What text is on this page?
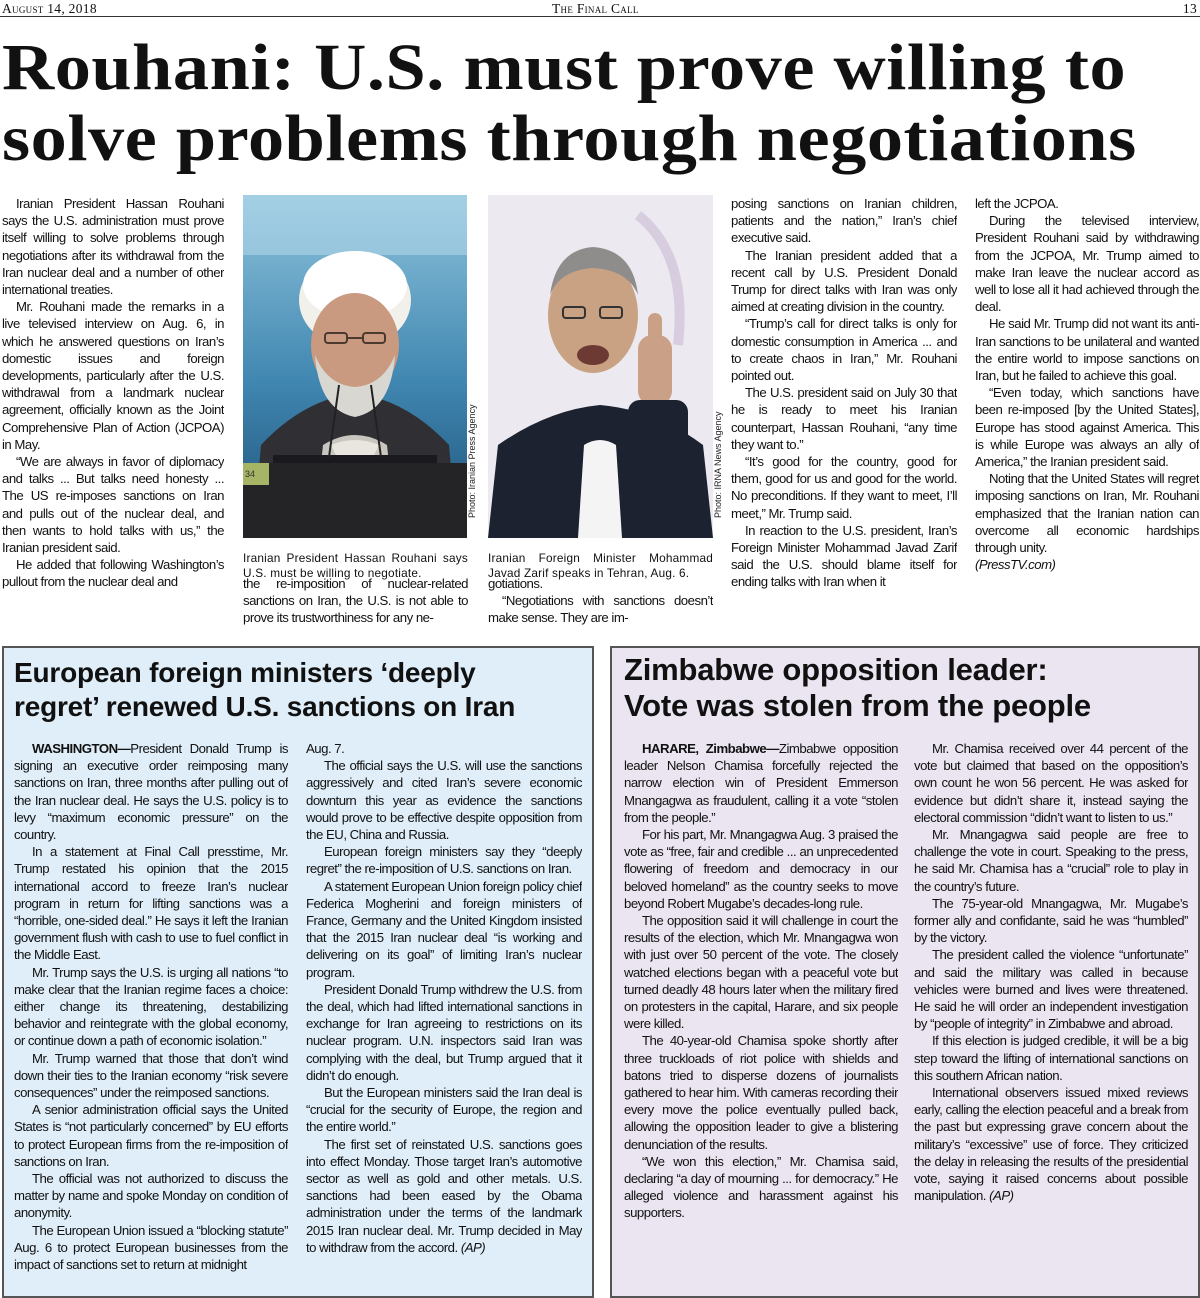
August 14, 2018	The Final Call	13
Rouhani: U.S. must prove willing to
solve problems through negotiations

Iranian President Hassan Rouhani says the U.S. administration must prove itself willing to solve problems through negotiations after its withdrawal from the Iran nuclear deal and a number of other international treaties.

Mr. Rouhani made the remarks in a live televised interview on Aug. 6, in which he answered questions on Iran’s domestic issues and foreign developments, particularly after the U.S. withdrawal from a landmark nuclear agreement, officially known as the Joint Comprehensive Plan of Action (JCPOA) in May.

“We are always in favor of diplomacy and talks ... But talks need honesty ... The US re-imposes sanctions on Iran and pulls out of the nuclear deal, and then wants to hold talks with us,” the Iranian president said.

He added that following Washington’s pullout from the nuclear deal and

34	Photo: Iranian Press Agency
Iranian President Hassan Rouhani says U.S. must be willing to negotiate.
Photo: IRNA News Agency
Iranian Foreign Minister Mohammad Javad Zarif speaks in Tehran, Aug. 6.

the re-imposition of nuclear-related sanctions on Iran, the U.S. is not able to prove its trustworthiness for any ne-

gotiations.

“Negotiations with sanctions doesn’t make sense. They are im-

posing sanctions on Iranian children, patients and the nation,” Iran’s chief executive said.

The Iranian president added that a recent call by U.S. President Donald Trump for direct talks with Iran was only aimed at creating division in the country.

“Trump’s call for direct talks is only for domestic consumption in America ... and to create chaos in Iran,” Mr. Rouhani pointed out.

The U.S. president said on July 30 that he is ready to meet his Iranian counterpart, Hassan Rouhani, “any time they want to.”

“It’s good for the country, good for them, good for us and good for the world. No preconditions. If they want to meet, I’ll meet,” Mr. Trump said.

In reaction to the U.S. president, Iran’s Foreign Minister Mohammad Javad Zarif said the U.S. should blame itself for ending talks with Iran when it

left the JCPOA.

During the televised interview, President Rouhani said by withdrawing from the JCPOA, Mr. Trump aimed to make Iran leave the nuclear accord as well to lose all it had achieved through the deal.

He said Mr. Trump did not want its anti-Iran sanctions to be unilateral and wanted the entire world to impose sanctions on Iran, but he failed to achieve this goal.

“Even today, which sanctions have been re-imposed [by the United States], Europe has stood against America. This is while Europe was always an ally of America,” the Iranian president said.

Noting that the United States will regret imposing sanctions on Iran, Mr. Rouhani emphasized that the Iranian nation can overcome all economic hardships through unity.

(PressTV.com)

European foreign ministers ‘deeply
regret’ renewed U.S. sanctions on Iran

WASHINGTON—President Donald Trump is signing an executive order reimposing many sanctions on Iran, three months after pulling out of the Iran nuclear deal. He says the U.S. policy is to levy “maximum economic pressure” on the country.

In a statement at Final Call presstime, Mr. Trump restated his opinion that the 2015 international accord to freeze Iran’s nuclear program in return for lifting sanctions was a “horrible, one-sided deal.” He says it left the Iranian government flush with cash to use to fuel conflict in the Middle East.

Mr. Trump says the U.S. is urging all nations “to make clear that the Iranian regime faces a choice: either change its threatening, destabilizing behavior and reintegrate with the global economy, or continue down a path of economic isolation.”

Mr. Trump warned that those that don’t wind down their ties to the Iranian economy “risk severe consequences” under the reimposed sanctions.

A senior administration official says the United States is “not particularly concerned” by EU efforts to protect European firms from the re-imposition of sanctions on Iran.

The official was not authorized to discuss the matter by name and spoke Monday on condition of anonymity.

The European Union issued a “blocking statute” Aug. 6 to protect European businesses from the impact of sanctions set to return at midnight

Aug. 7.

The official says the U.S. will use the sanctions aggressively and cited Iran’s severe economic downturn this year as evidence the sanctions would prove to be effective despite opposition from the EU, China and Russia.

European foreign ministers say they “deeply regret” the re-imposition of U.S. sanctions on Iran.

A statement European Union foreign policy chief Federica Mogherini and foreign ministers of France, Germany and the United Kingdom insisted that the 2015 Iran nuclear deal “is working and delivering on its goal” of limiting Iran’s nuclear program.

President Donald Trump withdrew the U.S. from the deal, which had lifted international sanctions in exchange for Iran agreeing to restrictions on its nuclear program. U.N. inspectors said Iran was complying with the deal, but Trump argued that it didn’t do enough.

But the European ministers said the Iran deal is “crucial for the security of Europe, the region and the entire world.”

The first set of reinstated U.S. sanctions goes into effect Monday. Those target Iran’s automotive sector as well as gold and other metals. U.S. sanctions had been eased by the Obama administration under the terms of the landmark 2015 Iran nuclear deal. Mr. Trump decided in May to withdraw from the accord. (AP)

Zimbabwe opposition leader:
Vote was stolen from the people

HARARE, Zimbabwe—Zimbabwe opposition leader Nelson Chamisa forcefully rejected the narrow election win of President Emmerson Mnangagwa as fraudulent, calling it a vote “stolen from the people.”

For his part, Mr. Mnangagwa Aug. 3 praised the vote as “free, fair and credible ... an unprecedented flowering of freedom and democracy in our beloved homeland” as the country seeks to move beyond Robert Mugabe’s decades-long rule.

The opposition said it will challenge in court the results of the election, which Mr. Mnangagwa won with just over 50 percent of the vote. The closely watched elections began with a peaceful vote but turned deadly 48 hours later when the military fired on protesters in the capital, Harare, and six people were killed.

The 40-year-old Chamisa spoke shortly after three truckloads of riot police with shields and batons tried to disperse dozens of journalists gathered to hear him. With cameras recording their every move the police eventually pulled back, allowing the opposition leader to give a blistering denunciation of the results.

“We won this election,” Mr. Chamisa said, declaring “a day of mourning ... for democracy.” He alleged violence and harassment against his supporters.

Mr. Chamisa received over 44 percent of the vote but claimed that based on the opposition’s own count he won 56 percent. He was asked for evidence but didn’t share it, instead saying the electoral commission “didn’t want to listen to us.”

Mr. Mnangagwa said people are free to challenge the vote in court. Speaking to the press, he said Mr. Chamisa has a “crucial” role to play in the country’s future.

The 75-year-old Mnangagwa, Mr. Mugabe’s former ally and confidante, said he was “humbled” by the victory.

The president called the violence “unfortunate” and said the military was called in because vehicles were burned and lives were threatened. He said he will order an independent investigation by “people of integrity” in Zimbabwe and abroad.

If this election is judged credible, it will be a big step toward the lifting of international sanctions on this southern African nation.

International observers issued mixed reviews early, calling the election peaceful and a break from the past but expressing grave concern about the military’s “excessive” use of force. They criticized the delay in releasing the results of the presidential vote, saying it raised concerns about possible manipulation. (AP)
